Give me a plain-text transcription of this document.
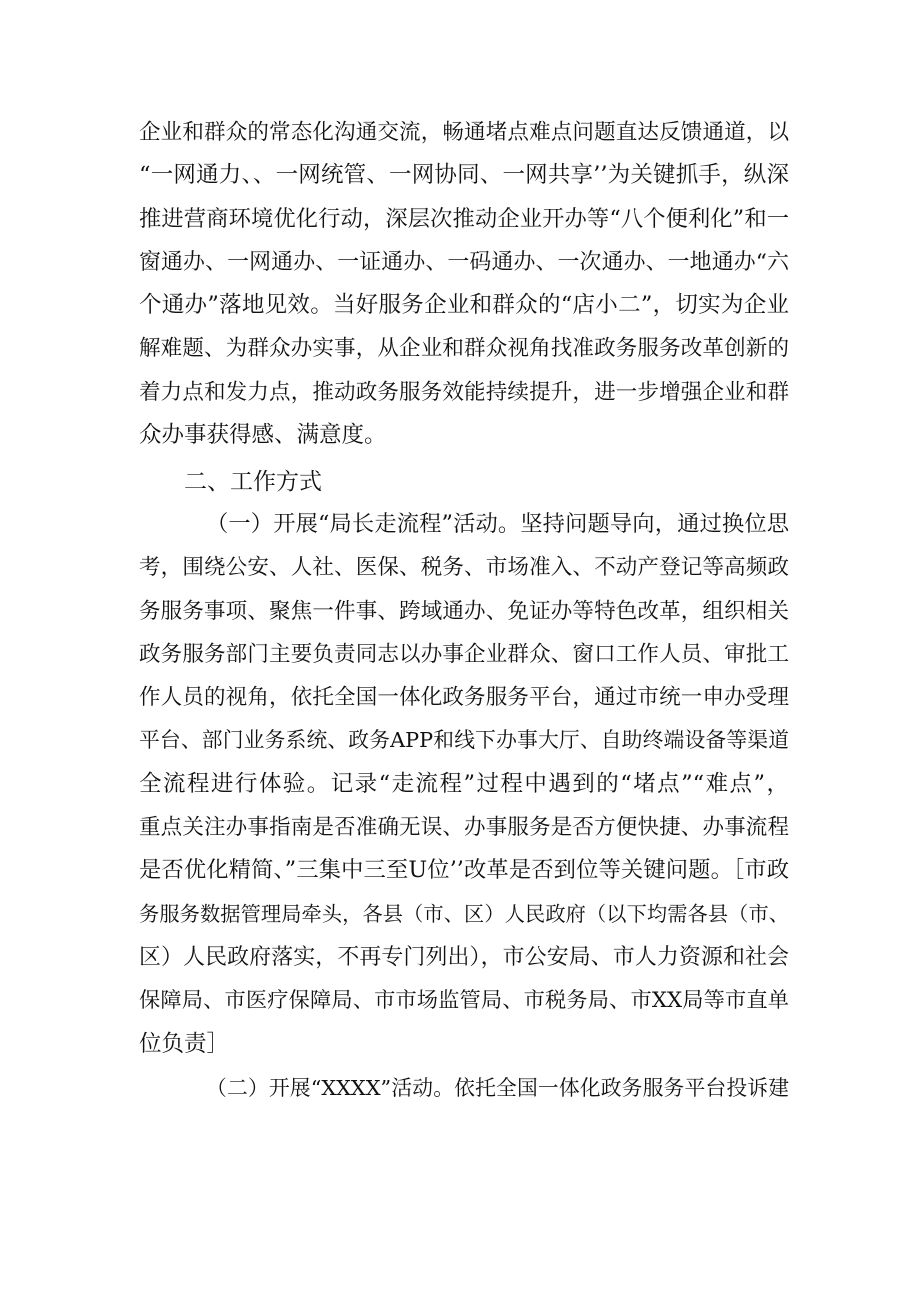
企业和群众的常态化沟通交流，畅通堵点难点问题直达反馈通道，以
“一网通力、、一网统管、一网协同、一网共享’’为关键抓手，纵深
推进营商环境优化行动，深层次推动企业开办等“八个便利化”和一
窗通办、一网通办、一证通办、一码通办、一次通办、一地通办“六
个通办”落地见效。当好服务企业和群众的“店小二”，切实为企业
解难题、为群众办实事，从企业和群众视角找准政务服务改革创新的
着力点和发力点，推动政务服务效能持续提升，进一步增强企业和群
众办事获得感、满意度。
二、工作方式
（一）开展“局长走流程”活动。坚持问题导向，通过换位思
考，围绕公安、人社、医保、税务、市场准入、不动产登记等高频政
务服务事项、聚焦一件事、跨域通办、免证办等特色改革，组织相关
政务服务部门主要负责同志以办事企业群众、窗口工作人员、审批工
作人员的视角，依托全国一体化政务服务平台，通过市统一申办受理
平台、部门业务系统、政务APP和线下办事大厅、自助终端设备等渠道
全流程进行体验。记录“走流程”过程中遇到的“堵点”“难点”，
重点关注办事指南是否准确无误、办事服务是否方便快捷、办事流程
是否优化精简、”三集中三至U位’’改革是否到位等关键问题。［市政
务服务数据管理局牵头，各县（市、区）人民政府（以下均需各县（市、
区）人民政府落实，不再专门列出），市公安局、市人力资源和社会
保障局、市医疗保障局、市市场监管局、市税务局、市XX局等市直单
位负责］
（二）开展“XXXX”活动。依托全国一体化政务服务平台投诉建
